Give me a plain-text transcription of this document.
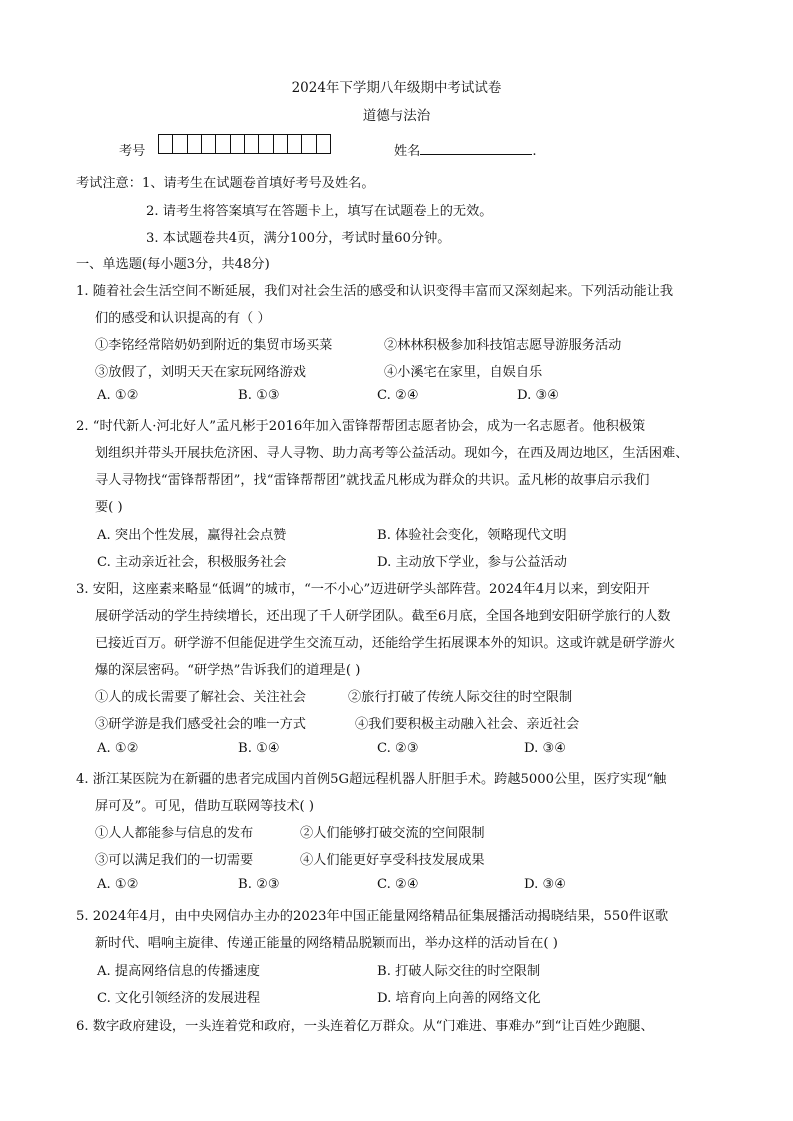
2024年下学期八年级期中考试试卷
道德与法治
考号	姓名	.
考试注意：1、请考生在试题卷首填好考号及姓名。
2. 请考生将答案填写在答题卡上，填写在试题卷上的无效。
3. 本试题卷共4页，满分100分，考试时量60分钟。
一、单选题(每小题3分，共48分)
1. 随着社会生活空间不断延展，我们对社会生活的感受和认识变得丰富而又深刻起来。下列活动能让我
们的感受和认识提高的有（ ）
①李铭经常陪奶奶到附近的集贸市场买菜	②林林积极参加科技馆志愿导游服务活动
③放假了，刘明天天在家玩网络游戏	④小溪宅在家里，自娱自乐
A. ①②	B. ①③	C. ②④	D. ③④
2. “时代新人·河北好人”孟凡彬于2016年加入雷锋帮帮团志愿者协会，成为一名志愿者。他积极策
划组织并带头开展扶危济困、寻人寻物、助力高考等公益活动。现如今，在西及周边地区，生活困难、
寻人寻物找“雷锋帮帮团”，找“雷锋帮帮团”就找孟凡彬成为群众的共识。孟凡彬的故事启示我们
要( )
A. 突出个性发展，赢得社会点赞	B. 体验社会变化，领略现代文明
C. 主动亲近社会，积极服务社会	D. 主动放下学业，参与公益活动
3. 安阳，这座素来略显“低调”的城市，“一不小心”迈进研学头部阵营。2024年4月以来，到安阳开
展研学活动的学生持续增长，还出现了千人研学团队。截至6月底，全国各地到安阳研学旅行的人数
已接近百万。研学游不但能促进学生交流互动，还能给学生拓展课本外的知识。这或许就是研学游火
爆的深层密码。“研学热”告诉我们的道理是( )
①人的成长需要了解社会、关注社会	②旅行打破了传统人际交往的时空限制
③研学游是我们感受社会的唯一方式	④我们要积极主动融入社会、亲近社会
A. ①②	B. ①④	C. ②③	D. ③④
4. 浙江某医院为在新疆的患者完成国内首例5G超远程机器人肝胆手术。跨越5000公里，医疗实现“触
屏可及”。可见，借助互联网等技术( )
①人人都能参与信息的发布	②人们能够打破交流的空间限制
③可以满足我们的一切需要	④人们能更好享受科技发展成果
A. ①②	B. ②③	C. ②④	D. ③④
5. 2024年4月，由中央网信办主办的2023年中国正能量网络精品征集展播活动揭晓结果，550件讴歌
新时代、唱响主旋律、传递正能量的网络精品脱颖而出，举办这样的活动旨在( )
A. 提高网络信息的传播速度	B. 打破人际交往的时空限制
C. 文化引领经济的发展进程	D. 培育向上向善的网络文化
6. 数字政府建设，一头连着党和政府，一头连着亿万群众。从“门难进、事难办”到“让百姓少跑腿、
